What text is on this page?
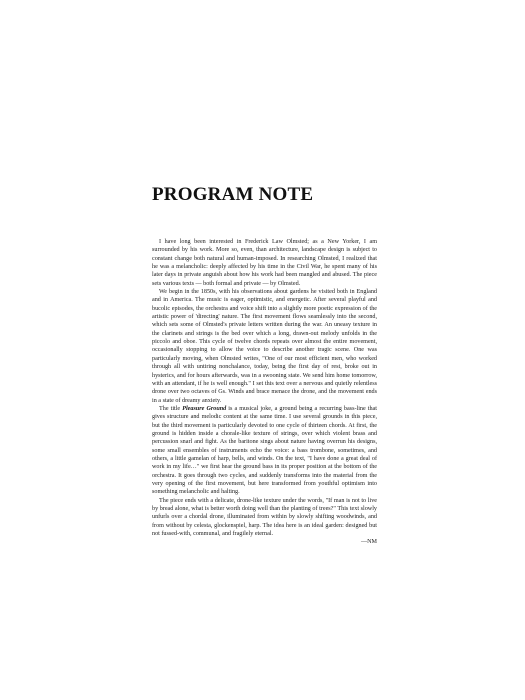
PROGRAM NOTE

I have long been interested in Frederick Law Olmsted; as a New Yorker, I am surrounded by his work. More so, even, than architecture, landscape design is subject to constant change both natural and human-imposed. In researching Olmsted, I realized that he was a melancholic: deeply affected by his time in the Civil War, he spent many of his later days in private anguish about how his work had been mangled and abused. The piece sets various texts — both formal and private — by Olmsted.

We begin in the 1850s, with his observations about gardens he visited both in England and in America. The music is eager, optimistic, and energetic. After several playful and bucolic episodes, the orchestra and voice shift into a slightly more poetic expression of the artistic power of 'directing' nature. The first movement flows seamlessly into the second, which sets some of Olmsted's private letters written during the war. An uneasy texture in the clarinets and strings is the bed over which a long, drawn-out melody unfolds in the piccolo and oboe. This cycle of twelve chords repeats over almost the entire movement, occasionally stopping to allow the voice to describe another tragic scene. One was particularly moving, when Olmsted writes, "One of our most efficient men, who worked through all with untiring nonchalance, today, being the first day of rest, broke out in hysterics, and for hours afterwards, was in a swooning state. We send him home tomorrow, with an attendant, if he is well enough." I set this text over a nervous and quietly relentless drone over two octaves of Gs. Winds and brace menace the drone, and the movement ends in a state of dreamy anxiety.

The title Pleasure Ground is a musical joke, a ground being a recurring bass-line that gives structure and melodic content at the same time. I use several grounds in this piece, but the third movement is particularly devoted to one cycle of thirteen chords. At first, the ground is hidden inside a chorale-like texture of strings, over which violent brass and percussion snarl and fight. As the baritone sings about nature having overrun his designs, some small ensembles of instruments echo the voice: a bass trombone, sometimes, and others, a little gamelan of harp, bells, and winds. On the text, "I have done a great deal of work in my life…" we first hear the ground bass in its proper position at the bottom of the orchestra. It goes through two cycles, and suddenly transforms into the material from the very opening of the first movement, but here transformed from youthful optimism into something melancholic and halting.

The piece ends with a delicate, drone-like texture under the words, "If man is not to live by bread alone, what is better worth doing well than the planting of trees?" This text slowly unfurls over a chordal drone, illuminated from within by slowly shifting woodwinds, and from without by celesta, glockenspiel, harp. The idea here is an ideal garden: designed but not fussed-with, communal, and fragilely eternal.

—NM
